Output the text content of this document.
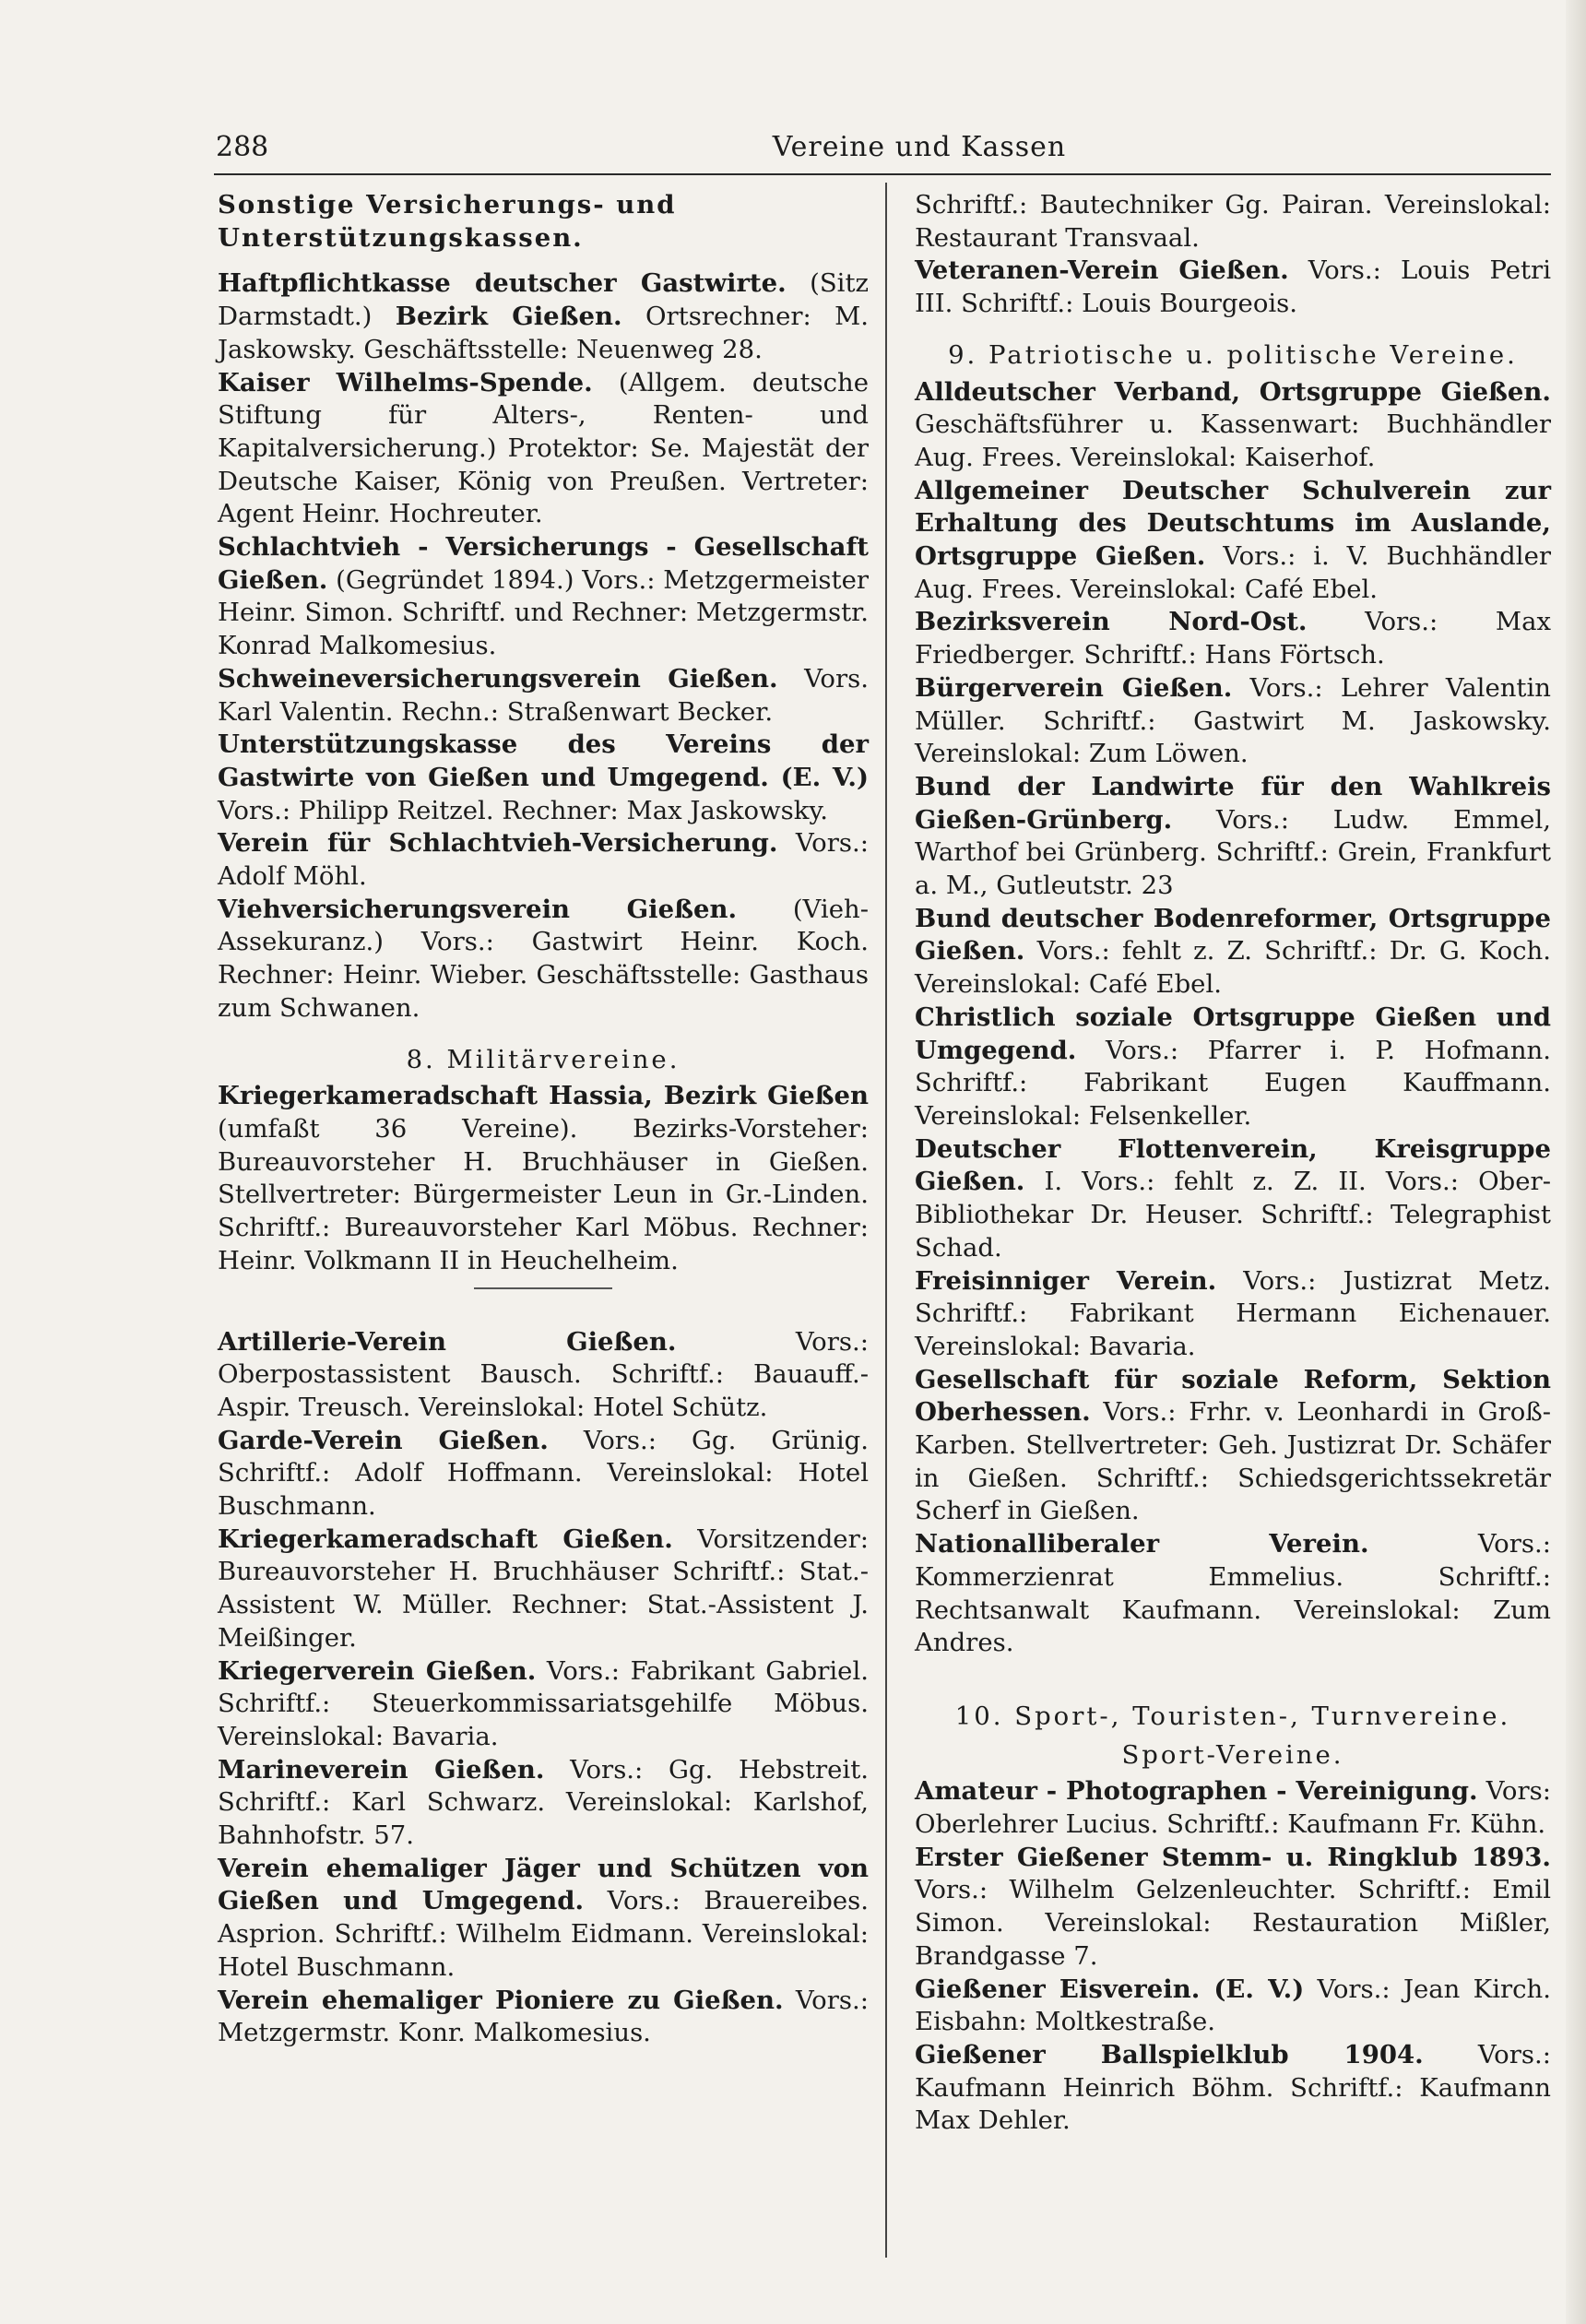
288	Vereine und Kassen
Sonstige Versicherungs- und Unterstützungskassen.
Haftpflichtkasse deutscher Gastwirte. (Sitz Darmstadt.) Bezirk Gießen. Ortsrechner: M. Jaskowsky. Geschäftsstelle: Neuenweg 28.
Kaiser Wilhelms-Spende. (Allgem. deutsche Stiftung für Alters-, Renten- und Kapitalversicherung.) Protektor: Se. Majestät der Deutsche Kaiser, König von Preußen. Vertreter: Agent Heinr. Hochreuter.
Schlachtvieh - Versicherungs - Gesellschaft Gießen. (Gegründet 1894.) Vors.: Metzgermeister Heinr. Simon. Schriftf. und Rechner: Metzgermstr. Konrad Malkomesius.
Schweineversicherungsverein Gießen. Vors. Karl Valentin. Rechn.: Straßenwart Becker.
Unterstützungskasse des Vereins der Gastwirte von Gießen und Umgegend. (E. V.) Vors.: Philipp Reitzel. Rechner: Max Jaskowsky.
Verein für Schlachtvieh-Versicherung. Vors.: Adolf Möhl.
Viehversicherungsverein Gießen. (Vieh-Assekuranz.) Vors.: Gastwirt Heinr. Koch. Rechner: Heinr. Wieber. Geschäftsstelle: Gasthaus zum Schwanen.
8. Militärvereine.
Kriegerkameradschaft Hassia, Bezirk Gießen (umfaßt 36 Vereine). Bezirks-Vorsteher: Bureauvorsteher H. Bruchhäuser in Gießen. Stellvertreter: Bürgermeister Leun in Gr.-Linden. Schriftf.: Bureauvorsteher Karl Möbus. Rechner: Heinr. Volkmann II in Heuchelheim.
Artillerie-Verein Gießen. Vors.: Oberpostassistent Bausch. Schriftf.: Bauauff.-Aspir. Treusch. Vereinslokal: Hotel Schütz.
Garde-Verein Gießen. Vors.: Gg. Grünig. Schriftf.: Adolf Hoffmann. Vereinslokal: Hotel Buschmann.
Kriegerkameradschaft Gießen. Vorsitzender: Bureauvorsteher H. Bruchhäuser Schriftf.: Stat.-Assistent W. Müller. Rechner: Stat.-Assistent J. Meißinger.
Kriegerverein Gießen. Vors.: Fabrikant Gabriel. Schriftf.: Steuerkommissariatsgehilfe Möbus. Vereinslokal: Bavaria.
Marineverein Gießen. Vors.: Gg. Hebstreit. Schriftf.: Karl Schwarz. Vereinslokal: Karlshof, Bahnhofstr. 57.
Verein ehemaliger Jäger und Schützen von Gießen und Umgegend. Vors.: Brauereibes. Asprion. Schriftf.: Wilhelm Eidmann. Vereinslokal: Hotel Buschmann.
Verein ehemaliger Pioniere zu Gießen. Vors.: Metzgermstr. Konr. Malkomesius.
Schriftf.: Bautechniker Gg. Pairan. Vereinslokal: Restaurant Transvaal.
Veteranen-Verein Gießen. Vors.: Louis Petri III. Schriftf.: Louis Bourgeois.
9. Patriotische u. politische Vereine.
Alldeutscher Verband, Ortsgruppe Gießen. Geschäftsführer u. Kassenwart: Buchhändler Aug. Frees. Vereinslokal: Kaiserhof.
Allgemeiner Deutscher Schulverein zur Erhaltung des Deutschtums im Auslande, Ortsgruppe Gießen. Vors.: i. V. Buchhändler Aug. Frees. Vereinslokal: Café Ebel.
Bezirksverein Nord-Ost. Vors.: Max Friedberger. Schriftf.: Hans Förtsch.
Bürgerverein Gießen. Vors.: Lehrer Valentin Müller. Schriftf.: Gastwirt M. Jaskowsky. Vereinslokal: Zum Löwen.
Bund der Landwirte für den Wahlkreis Gießen-Grünberg. Vors.: Ludw. Emmel, Warthof bei Grünberg. Schriftf.: Grein, Frankfurt a. M., Gutleutstr. 23
Bund deutscher Bodenreformer, Ortsgruppe Gießen. Vors.: fehlt z. Z. Schriftf.: Dr. G. Koch. Vereinslokal: Café Ebel.
Christlich soziale Ortsgruppe Gießen und Umgegend. Vors.: Pfarrer i. P. Hofmann. Schriftf.: Fabrikant Eugen Kauffmann. Vereinslokal: Felsenkeller.
Deutscher Flottenverein, Kreisgruppe Gießen. I. Vors.: fehlt z. Z. II. Vors.: Ober-Bibliothekar Dr. Heuser. Schriftf.: Telegraphist Schad.
Freisinniger Verein. Vors.: Justizrat Metz. Schriftf.: Fabrikant Hermann Eichenauer. Vereinslokal: Bavaria.
Gesellschaft für soziale Reform, Sektion Oberhessen. Vors.: Frhr. v. Leonhardi in Groß-Karben. Stellvertreter: Geh. Justizrat Dr. Schäfer in Gießen. Schriftf.: Schiedsgerichtssekretär Scherf in Gießen.
Nationalliberaler Verein. Vors.: Kommerzienrat Emmelius. Schriftf.: Rechtsanwalt Kaufmann. Vereinslokal: Zum Andres.
10. Sport-, Touristen-, Turnvereine.
Sport-Vereine.
Amateur - Photographen - Vereinigung. Vors: Oberlehrer Lucius. Schriftf.: Kaufmann Fr. Kühn.
Erster Gießener Stemm- u. Ringklub 1893. Vors.: Wilhelm Gelzenleuchter. Schriftf.: Emil Simon. Vereinslokal: Restauration Mißler, Brandgasse 7.
Gießener Eisverein. (E. V.) Vors.: Jean Kirch. Eisbahn: Moltkestraße.
Gießener Ballspielklub 1904. Vors.: Kaufmann Heinrich Böhm. Schriftf.: Kaufmann Max Dehler.
